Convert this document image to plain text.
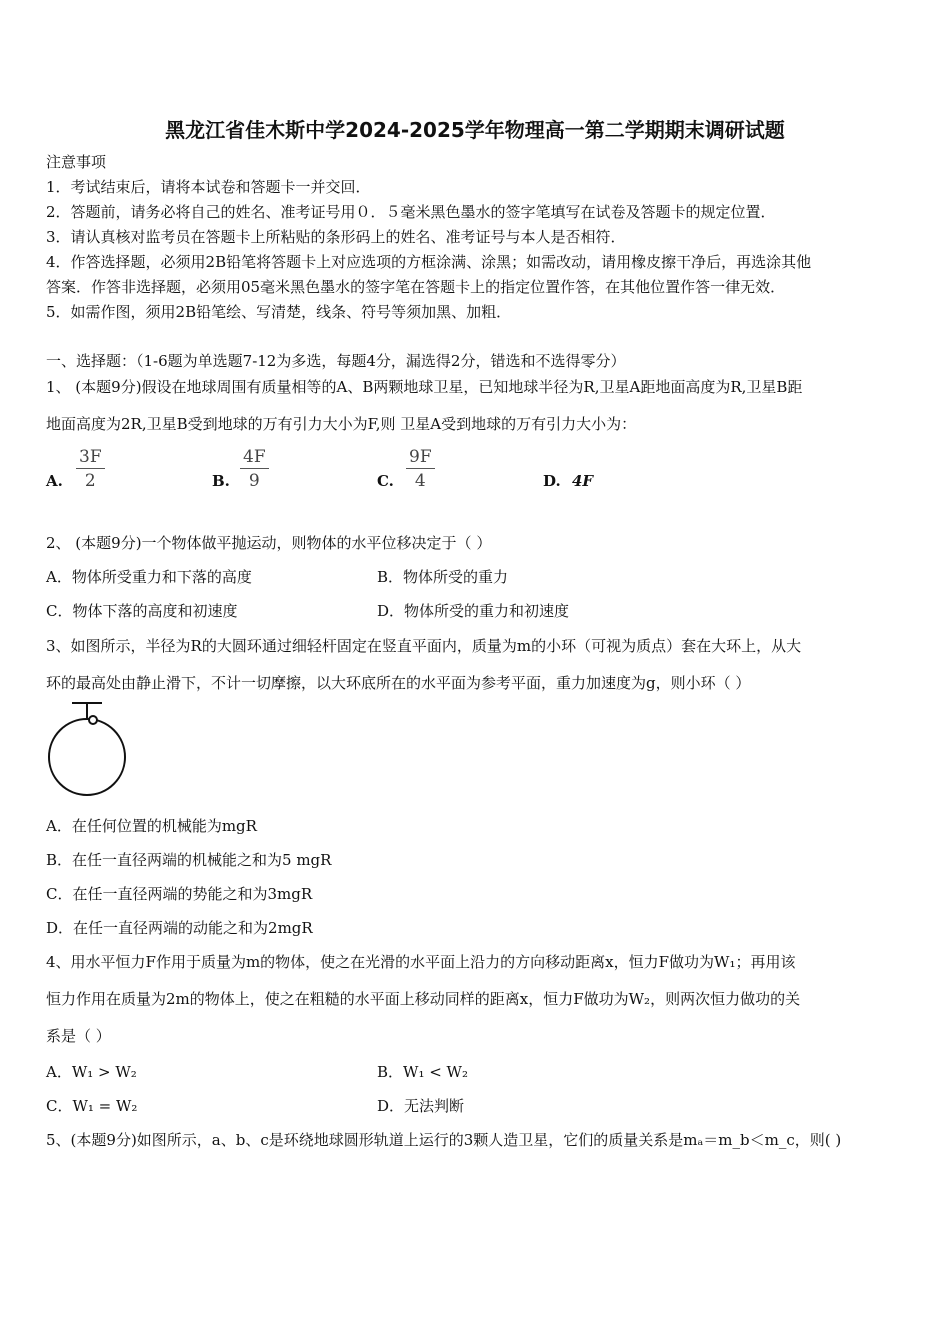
黑龙江省佳木斯中学2024-2025学年物理高一第二学期期末调研试题
注意事项
1．考试结束后，请将本试卷和答题卡一并交回．
2．答题前，请务必将自己的姓名、准考证号用０．５毫米黑色墨水的签字笔填写在试卷及答题卡的规定位置．
3．请认真核对监考员在答题卡上所粘贴的条形码上的姓名、准考证号与本人是否相符．
4．作答选择题，必须用2B铅笔将答题卡上对应选项的方框涂满、涂黑；如需改动，请用橡皮擦干净后，再选涂其他
答案．作答非选择题，必须用05毫米黑色墨水的签字笔在答题卡上的指定位置作答，在其他位置作答一律无效．
5．如需作图，须用2B铅笔绘、写清楚，线条、符号等须加黑、加粗．
一、选择题：（1-6题为单选题7-12为多选，每题4分，漏选得2分，错选和不选得零分）
1、 (本题9分)假设在地球周围有质量相等的A、B两颗地球卫星，已知地球半径为R,卫星A距地面高度为R,卫星B距
地面高度为2R,卫星B受到地球的万有引力大小为F,则 卫星A受到地球的万有引力大小为：
A. $\frac{3F}{2}$	B. $\frac{4F}{9}$	C. $\frac{9F}{4}$	D. 4F
2、 (本题9分)一个物体做平抛运动，则物体的水平位移决定于（ ）
A．物体所受重力和下落的高度	B．物体所受的重力
C．物体下落的高度和初速度	D．物体所受的重力和初速度
3、如图所示，半径为R的大圆环通过细轻杆固定在竖直平面内，质量为m的小环（可视为质点）套在大环上，从大
环的最高处由静止滑下，不计一切摩擦，以大环底所在的水平面为参考平面，重力加速度为g，则小环（ ）
A．在任何位置的机械能为mgR
B．在任一直径两端的机械能之和为5 mgR
C．在任一直径两端的势能之和为3mgR
D．在任一直径两端的动能之和为2mgR
4、用水平恒力F作用于质量为m的物体，使之在光滑的水平面上沿力的方向移动距离x，恒力F做功为W₁；再用该
恒力作用在质量为2m的物体上，使之在粗糙的水平面上移动同样的距离x，恒力F做功为W₂，则两次恒力做功的关
系是（ ）
A．W₁ > W₂	B．W₁ < W₂
C．W₁ = W₂	D．无法判断
5、(本题9分)如图所示，a、b、c是环绕地球圆形轨道上运行的3颗人造卫星，它们的质量关系是mₐ＝m_b＜m_c，则( )
